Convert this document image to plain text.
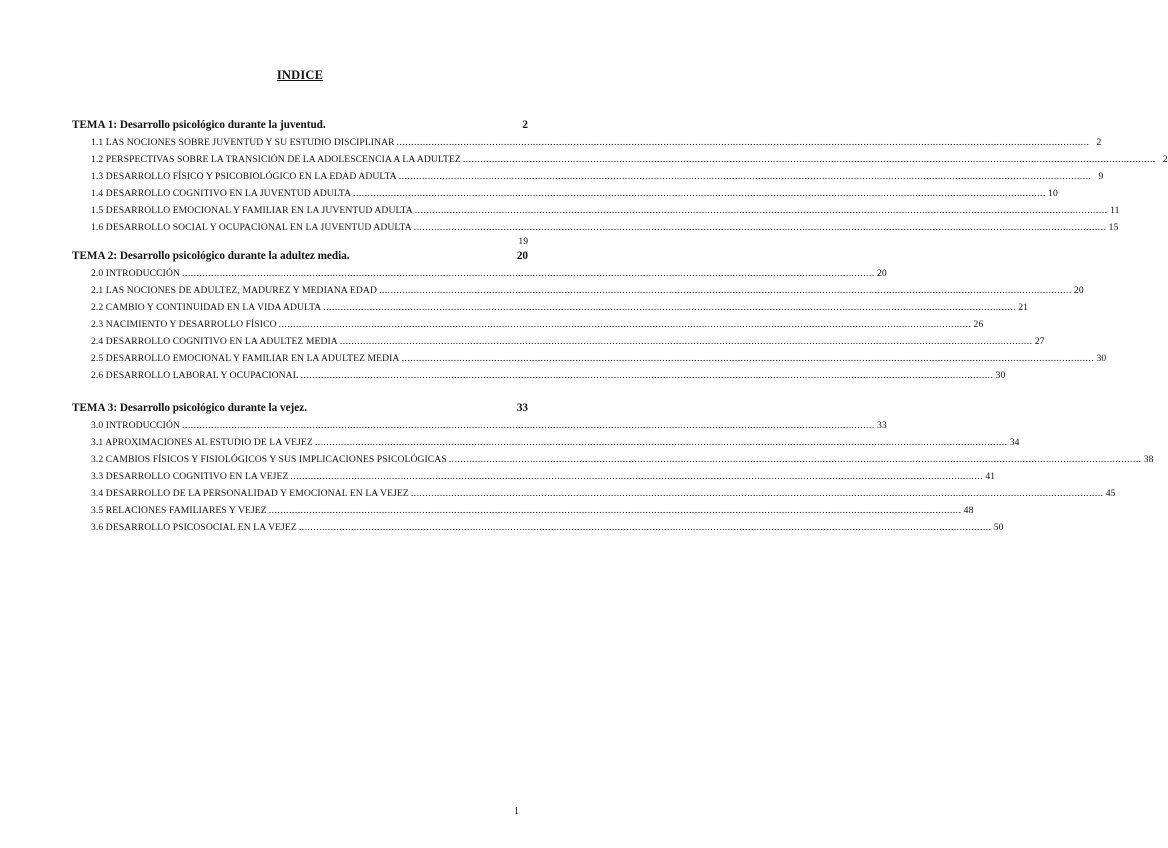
INDICE
TEMA 1: Desarrollo psicológico durante la juventud.	2
1.1 LAS NOCIONES SOBRE JUVENTUD Y SU ESTUDIO DISCIPLINAR .....	2
1.2 PERSPECTIVAS SOBRE LA TRANSICIÓN DE LA ADOLESCENCIA A LA ADULTEZ .....	2
1.3 DESARROLLO FÍSICO Y PSICOBIOLÓGICO EN LA EDAD ADULTA .....	9
1.4 DESARROLLO COGNITIVO EN LA JUVENTUD ADULTA .....	10
1.5 DESARROLLO EMOCIONAL Y FAMILIAR EN LA JUVENTUD ADULTA .....	11
1.6 DESARROLLO SOCIAL Y OCUPACIONAL EN LA JUVENTUD ADULTA .....	15
19
TEMA 2: Desarrollo psicológico durante la adultez media.	20
2.0 INTRODUCCIÓN .....	20
2.1 LAS NOCIONES DE ADULTEZ, MADUREZ Y MEDIANA EDAD .....	20
2.2 CAMBIO Y CONTINUIDAD EN LA VIDA ADULTA .....	21
2.3 NACIMIENTO Y DESARROLLO FÍSICO .....	26
2.4 DESARROLLO COGNITIVO EN LA ADULTEZ MEDIA .....	27
2.5 DESARROLLO EMOCIONAL Y FAMILIAR EN LA ADULTEZ MEDIA .....	30
2.6 DESARROLLO LABORAL Y OCUPACIONAL .....	30
TEMA 3: Desarrollo psicológico durante la vejez.	33
3.0 INTRODUCCIÓN .....	33
3.1 APROXIMACIONES AL ESTUDIO DE LA VEJEZ .....	34
3.2 CAMBIOS FÍSICOS Y FISIOLÓGICOS Y SUS IMPLICACIONES PSICOLÓGICAS .....	38
3.3 DESARROLLO COGNITIVO EN LA VEJEZ .....	41
3.4 DESARROLLO DE LA PERSONALIDAD Y EMOCIONAL EN LA VEJEZ .....	45
3.5 RELACIONES FAMILIARES Y VEJEZ .....	48
3.6 DESARROLLO PSICOSOCIAL EN LA VEJEZ .....	50
1
